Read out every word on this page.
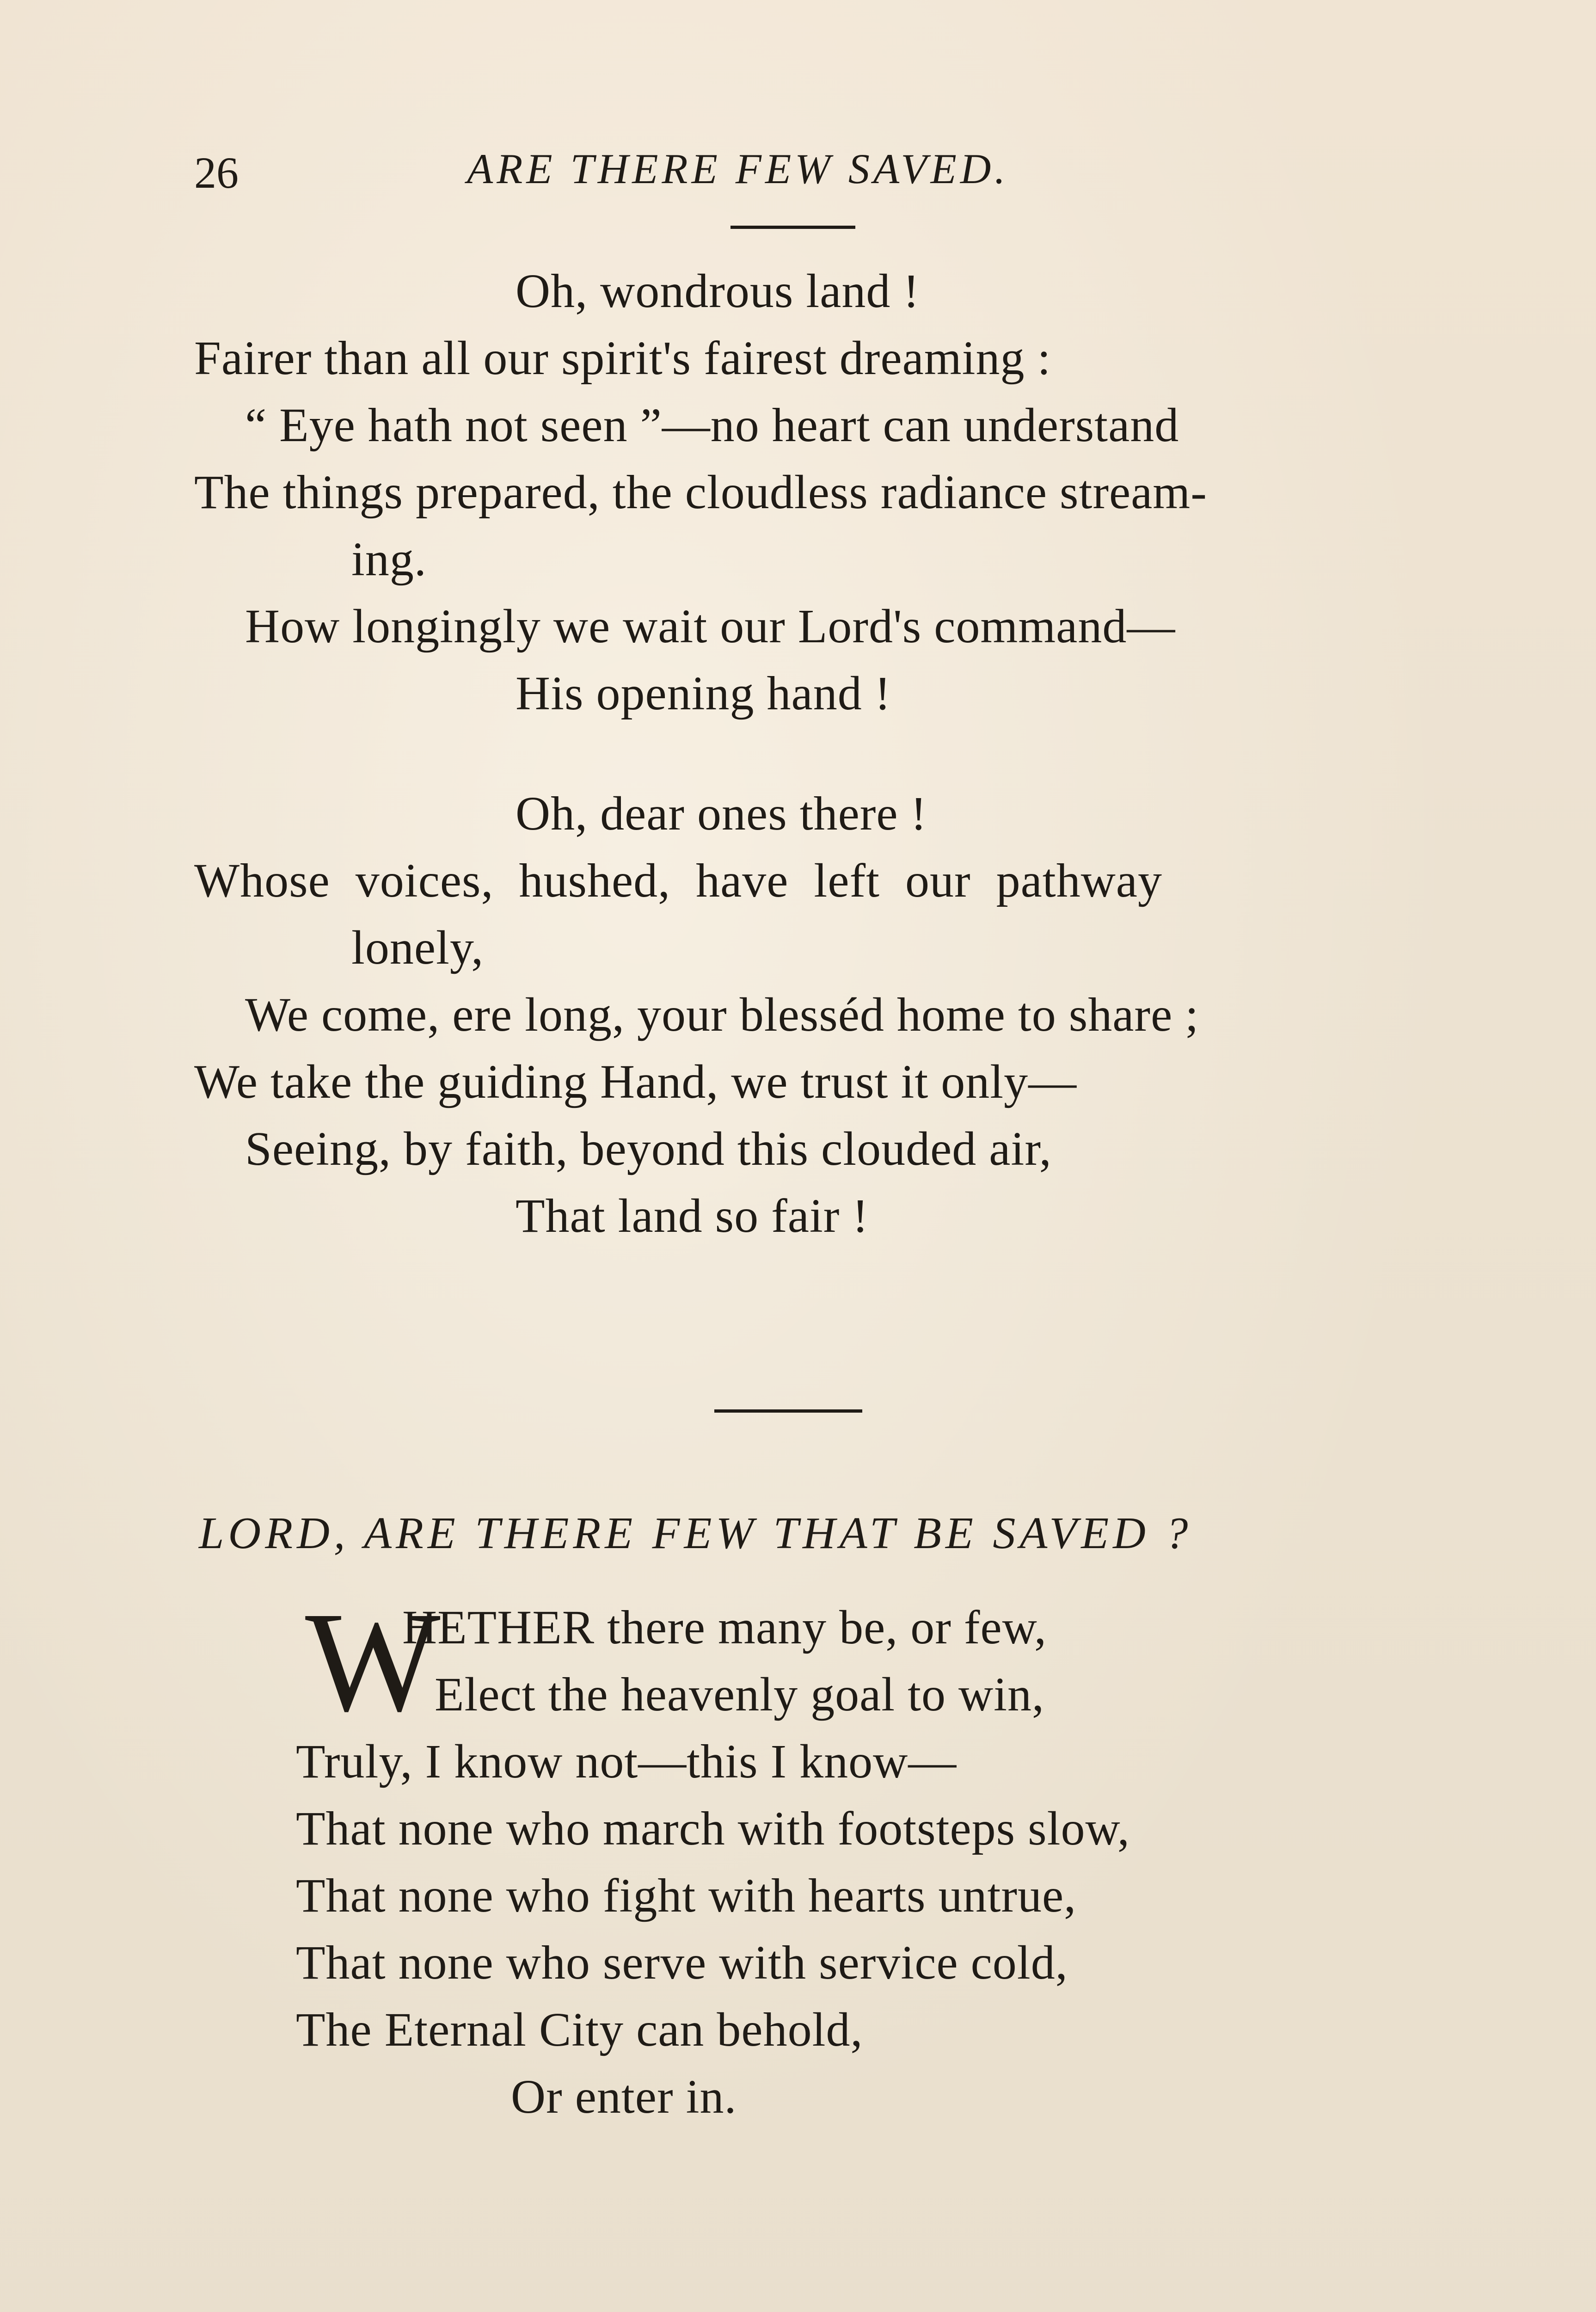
26	ARE THERE FEW SAVED.
Oh, wondrous land !
Fairer than all our spirit's fairest dreaming :
“ Eye hath not seen ”—no heart can understand
The things prepared, the cloudless radiance stream-
ing.
How longingly we wait our Lord's command—
His opening hand !
Oh, dear ones there !
Whose voices, hushed, have left our pathway
lonely,
We come, ere long, your blesséd home to share ;
We take the guiding Hand, we trust it only—
Seeing, by faith, beyond this clouded air,
That land so fair !
LORD, ARE THERE FEW THAT BE SAVED ?
W
HETHER there many be, or few,
Elect the heavenly goal to win,
Truly, I know not—this I know—
That none who march with footsteps slow,
That none who fight with hearts untrue,
That none who serve with service cold,
The Eternal City can behold,
Or enter in.
